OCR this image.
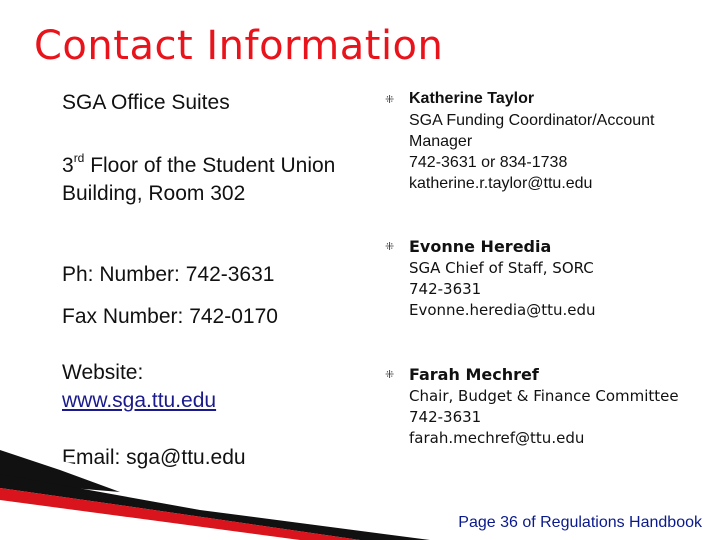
Contact Information
SGA Office Suites
3rd Floor of the Student Union Building, Room 302
Ph: Number: 742-3631
Fax Number: 742-0170
Website:
www.sga.ttu.edu
Email: sga@ttu.edu
⁜ Katherine Taylor
SGA Funding Coordinator/Account Manager
742-3631 or 834-1738
katherine.r.taylor@ttu.edu
⁜ Evonne Heredia
SGA Chief of Staff, SORC
742-3631
Evonne.heredia@ttu.edu
⁜ Farah Mechref
Chair, Budget & Finance Committee
742-3631
farah.mechref@ttu.edu
Page 36 of Regulations Handbook
